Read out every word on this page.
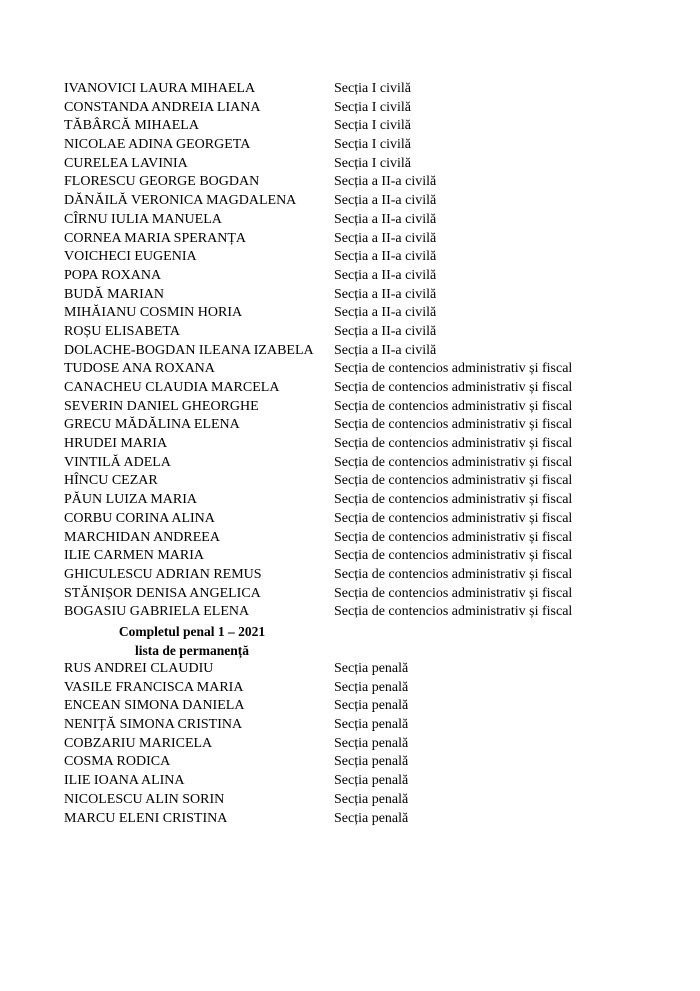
IVANOVICI LAURA MIHAELA	Secția I civilă
CONSTANDA ANDREIA LIANA	Secția I civilă
TĂBÂRCĂ MIHAELA	Secția I civilă
NICOLAE ADINA GEORGETA	Secția I civilă
CURELEA LAVINIA	Secția I civilă
FLORESCU GEORGE BOGDAN	Secția a II-a civilă
DĂNĂILĂ VERONICA MAGDALENA	Secția a II-a civilă
CÎRNU IULIA MANUELA	Secția a II-a civilă
CORNEA MARIA SPERANȚA	Secția a II-a civilă
VOICHECI EUGENIA	Secția a II-a civilă
POPA ROXANA	Secția a II-a civilă
BUDĂ MARIAN	Secția a II-a civilă
MIHĂIANU COSMIN HORIA	Secția a II-a civilă
ROȘU ELISABETA	Secția a II-a civilă
DOLACHE-BOGDAN ILEANA IZABELA	Secția a II-a civilă
TUDOSE ANA ROXANA	Secția de contencios administrativ și fiscal
CANACHEU CLAUDIA MARCELA	Secția de contencios administrativ și fiscal
SEVERIN DANIEL GHEORGHE	Secția de contencios administrativ și fiscal
GRECU MĂDĂLINA ELENA	Secția de contencios administrativ și fiscal
HRUDEI MARIA	Secția de contencios administrativ și fiscal
VINTILĂ ADELA	Secția de contencios administrativ și fiscal
HÎNCU CEZAR	Secția de contencios administrativ și fiscal
PĂUN LUIZA MARIA	Secția de contencios administrativ și fiscal
CORBU CORINA ALINA	Secția de contencios administrativ și fiscal
MARCHIDAN ANDREEA	Secția de contencios administrativ și fiscal
ILIE CARMEN MARIA	Secția de contencios administrativ și fiscal
GHICULESCU ADRIAN REMUS	Secția de contencios administrativ și fiscal
STĂNIȘOR DENISA ANGELICA	Secția de contencios administrativ și fiscal
BOGASIU GABRIELA ELENA	Secția de contencios administrativ și fiscal
Completul penal 1 – 2021
lista de permanență
RUS ANDREI CLAUDIU	Secția penală
VASILE FRANCISCA MARIA	Secția penală
ENCEAN SIMONA DANIELA	Secția penală
NENIȚĂ SIMONA CRISTINA	Secția penală
COBZARIU MARICELA	Secția penală
COSMA RODICA	Secția penală
ILIE IOANA ALINA	Secția penală
NICOLESCU ALIN SORIN	Secția penală
MARCU ELENI CRISTINA	Secția penală
